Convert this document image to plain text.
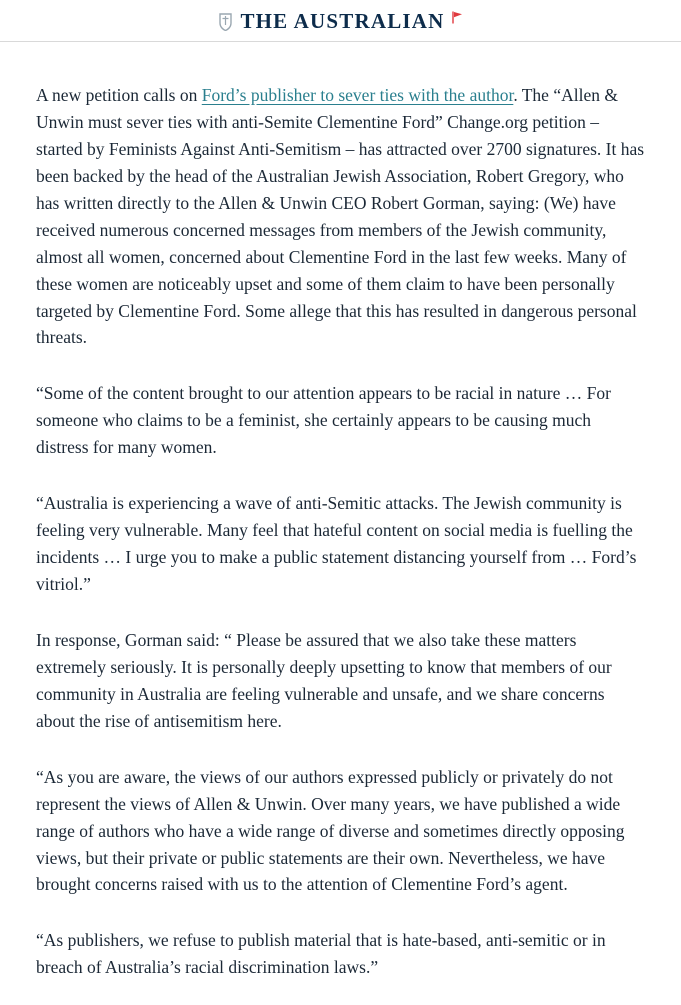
THE AUSTRALIAN

A new petition calls on Ford’s publisher to sever ties with the author. The “Allen & Unwin must sever ties with anti-Semite Clementine Ford” Change.org petition – started by Feminists Against Anti-Semitism – has attracted over 2700 signatures. It has been backed by the head of the Australian Jewish Association, Robert Gregory, who has written directly to the Allen & Unwin CEO Robert Gorman, saying: (We) have received numerous concerned messages from members of the Jewish community, almost all women, concerned about Clementine Ford in the last few weeks. Many of these women are noticeably upset and some of them claim to have been personally targeted by Clementine Ford. Some allege that this has resulted in dangerous personal threats.

“Some of the content brought to our attention appears to be racial in nature … For someone who claims to be a feminist, she certainly appears to be causing much distress for many women.

“Australia is experiencing a wave of anti-Semitic attacks. The Jewish community is feeling very vulnerable. Many feel that hateful content on social media is fuelling the incidents … I urge you to make a public statement distancing yourself from … Ford’s vitriol.”

In response, Gorman said: “ Please be assured that we also take these matters extremely seriously. It is personally deeply upsetting to know that members of our community in Australia are feeling vulnerable and unsafe, and we share concerns about the rise of antisemitism here.

“As you are aware, the views of our authors expressed publicly or privately do not represent the views of Allen & Unwin. Over many years, we have published a wide range of authors who have a wide range of diverse and sometimes directly opposing views, but their private or public statements are their own. Nevertheless, we have brought concerns raised with us to the attention of Clementine Ford’s agent.

“As publishers, we refuse to publish material that is hate-based, anti-semitic or in breach of Australia’s racial discrimination laws.”
